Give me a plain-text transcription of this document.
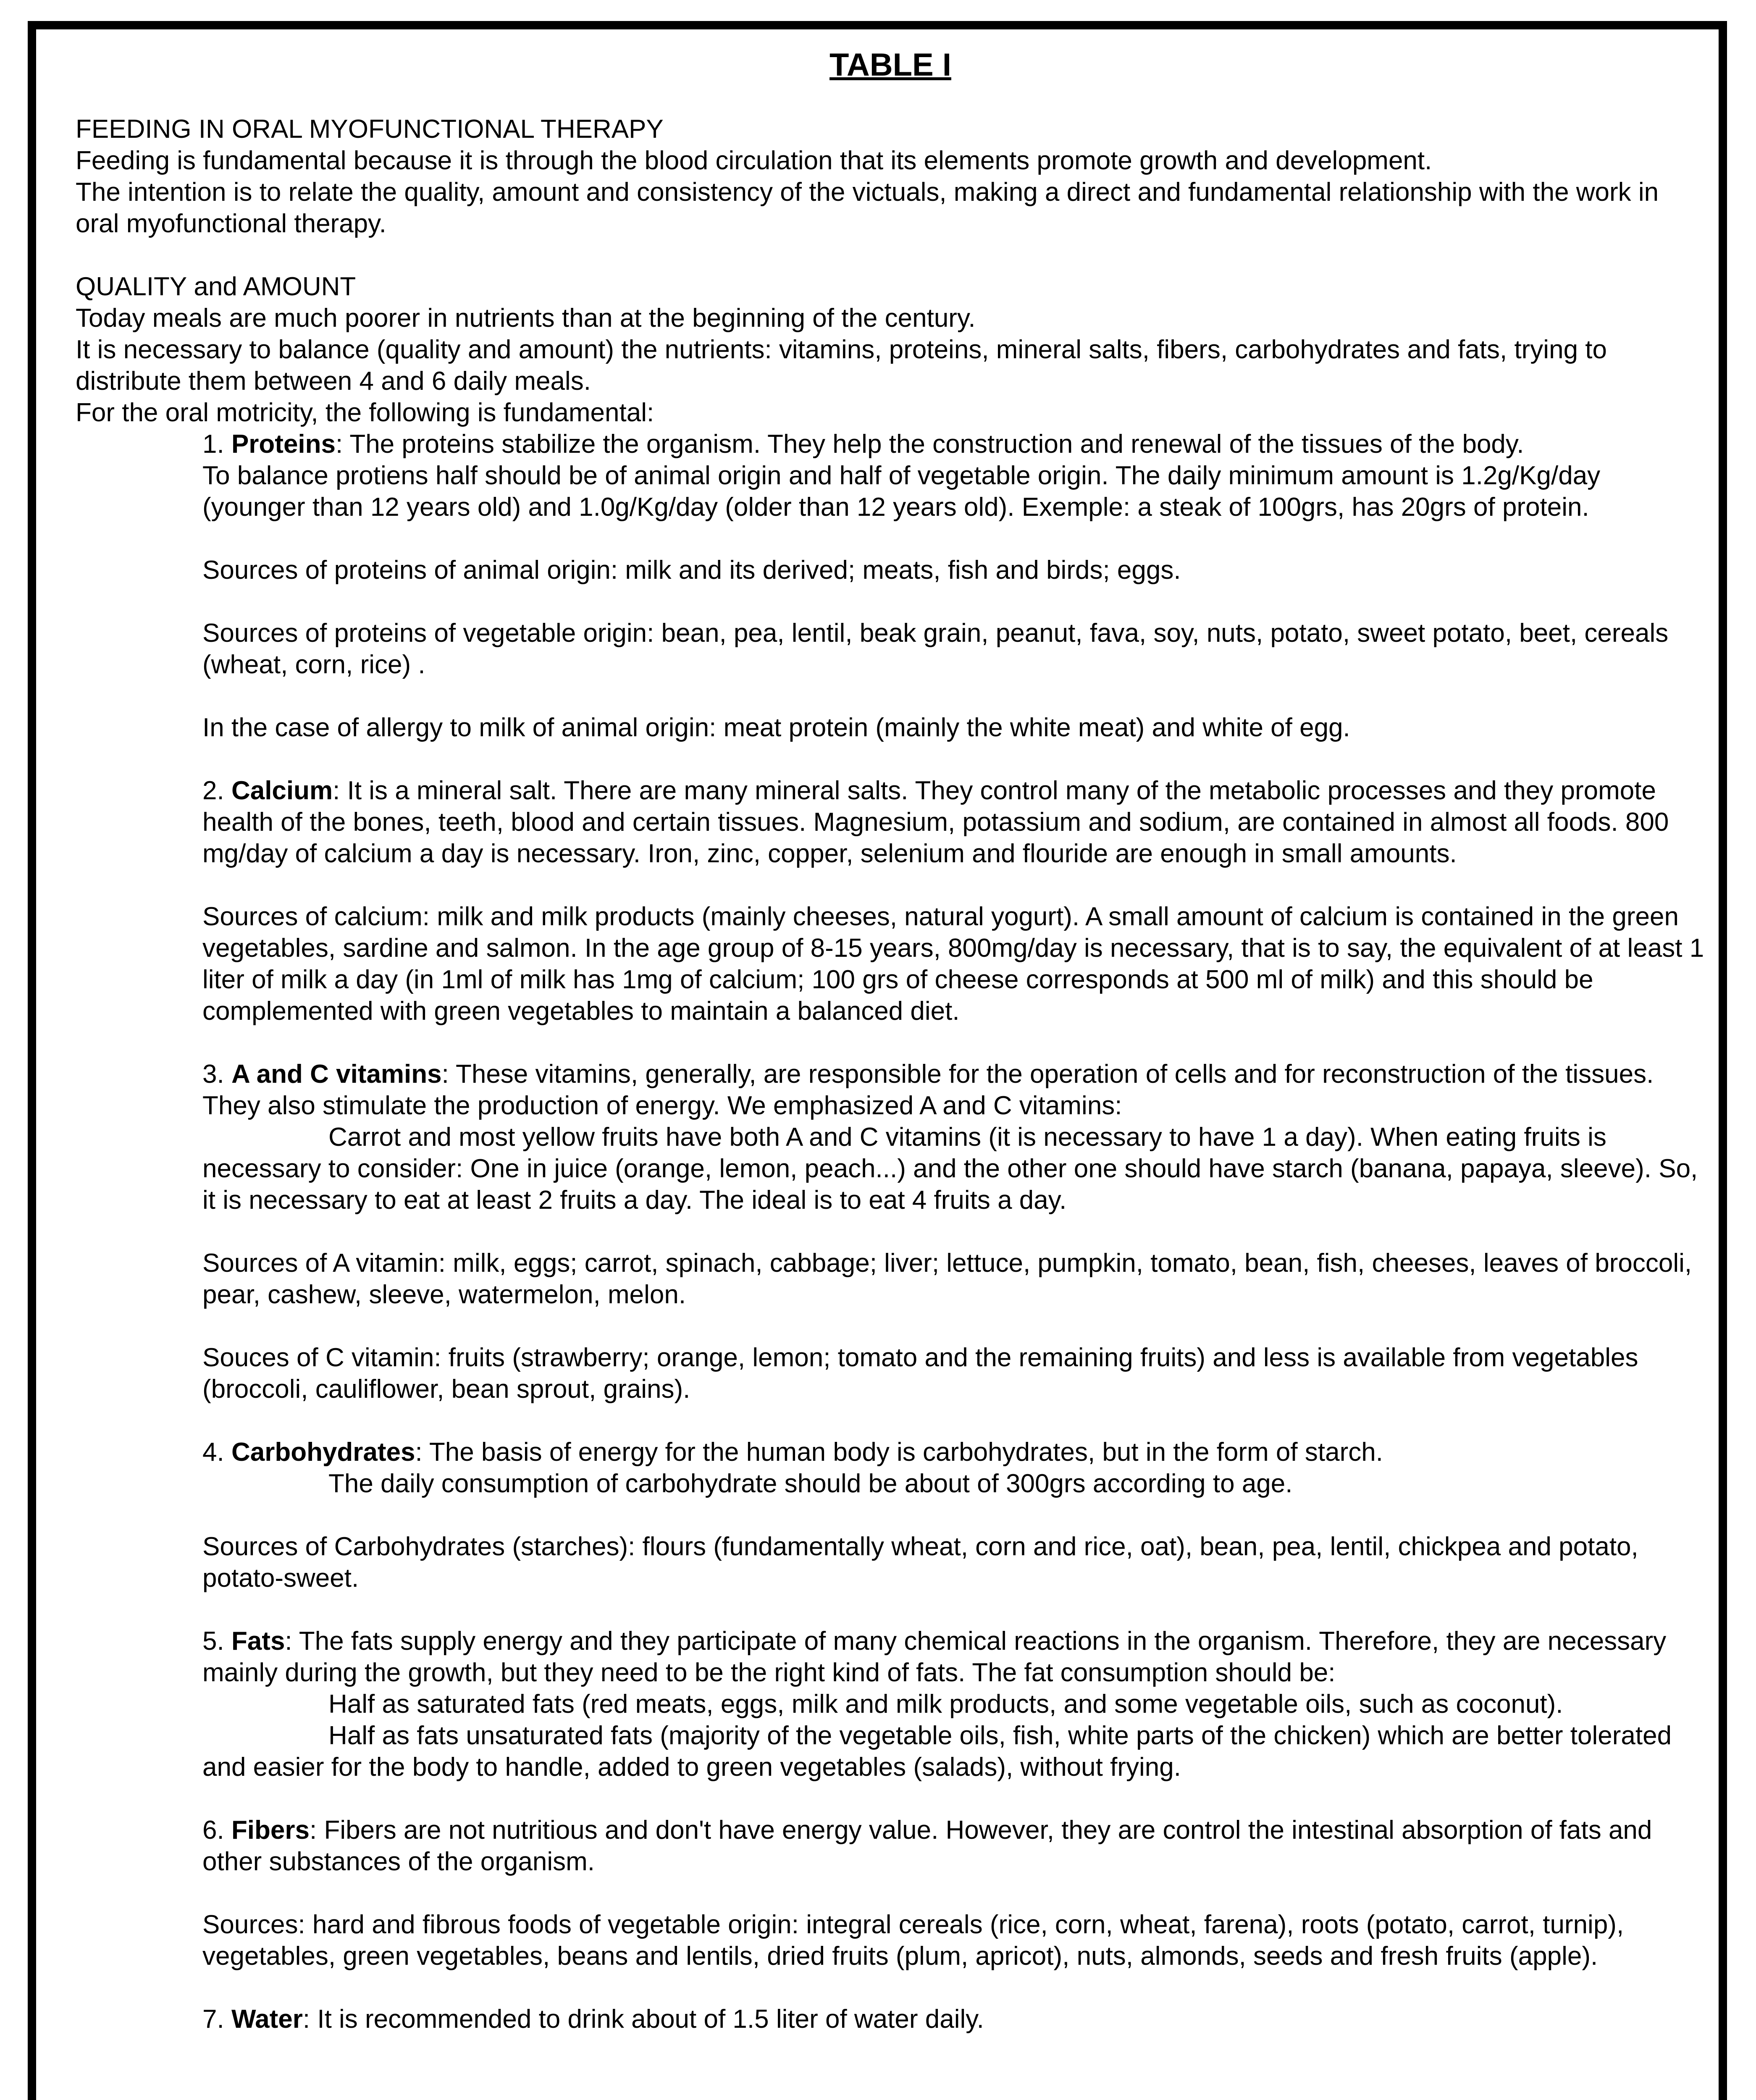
TABLE I

FEEDING IN ORAL MYOFUNCTIONAL THERAPY

Feeding is fundamental because it is through the blood circulation that its elements promote growth and development.

The intention is to relate the quality, amount and consistency of the victuals, making a direct and fundamental relationship with the work in oral myofunctional therapy.

QUALITY and AMOUNT

Today meals are much poorer in nutrients than at the beginning of the century.

It is necessary to balance (quality and amount) the nutrients: vitamins, proteins, mineral salts, fibers, carbohydrates and fats, trying to distribute them between 4 and 6 daily meals.

For the oral motricity, the following is fundamental:

1. Proteins: The proteins stabilize the organism. They help the construction and renewal of the tissues of the body.

To balance protiens half should be of animal origin and half of vegetable origin. The daily minimum amount is 1.2g/Kg/day (younger than 12 years old) and 1.0g/Kg/day (older than 12 years old). Exemple: a steak of 100grs, has 20grs of protein.

Sources of proteins of animal origin: milk and its derived; meats, fish and birds; eggs.

Sources of proteins of vegetable origin: bean, pea, lentil, beak grain, peanut, fava, soy, nuts, potato, sweet potato, beet, cereals (wheat, corn, rice) .

In the case of allergy to milk of animal origin: meat protein (mainly the white meat) and white of egg.

2. Calcium: It is a mineral salt. There are many mineral salts. They control many of the metabolic processes and they promote health of the bones, teeth, blood and certain tissues. Magnesium, potassium and sodium, are contained in almost all foods. 800 mg/day of calcium a day is necessary. Iron, zinc, copper, selenium and flouride are enough in small amounts.

Sources of calcium: milk and milk products (mainly cheeses, natural yogurt). A small amount of calcium is contained in the green vegetables, sardine and salmon. In the age group of 8-15 years, 800mg/day is necessary, that is to say, the equivalent of at least 1 liter of milk a day (in 1ml of milk has 1mg of calcium; 100 grs of cheese corresponds at 500 ml of milk) and this should be complemented with green vegetables to maintain a balanced diet.

3. A and C vitamins: These vitamins, generally, are responsible for the operation of cells and for reconstruction of the tissues. They also stimulate the production of energy. We emphasized A and C vitamins:

Carrot and most yellow fruits have both A and C vitamins (it is necessary to have 1 a day). When eating fruits is necessary to consider: One in juice (orange, lemon, peach...) and the other one should have starch (banana, papaya, sleeve). So, it is necessary to eat at least 2 fruits a day. The ideal is to eat 4 fruits a day.

Sources of A vitamin: milk, eggs; carrot, spinach, cabbage; liver; lettuce, pumpkin, tomato, bean, fish, cheeses, leaves of broccoli, pear, cashew, sleeve, watermelon, melon.

Souces of C vitamin: fruits (strawberry; orange, lemon; tomato and the remaining fruits) and less is available from vegetables (broccoli, cauliflower, bean sprout, grains).

4. Carbohydrates: The basis of energy for the human body is carbohydrates, but in the form of starch.

The daily consumption of carbohydrate should be about of 300grs according to age.

Sources of Carbohydrates (starches): flours (fundamentally wheat, corn and rice, oat), bean, pea, lentil, chickpea and potato, potato-sweet.

5. Fats: The fats supply energy and they participate of many chemical reactions in the organism. Therefore, they are necessary mainly during the growth, but they need to be the right kind of fats. The fat consumption should be:

Half as saturated fats (red meats, eggs, milk and milk products, and some vegetable oils, such as coconut).

Half as fats unsaturated fats (majority of the vegetable oils, fish, white parts of the chicken) which are better tolerated and easier for the body to handle, added to green vegetables (salads), without frying.

6. Fibers: Fibers are not nutritious and don't have energy value. However, they are control the intestinal absorption of fats and other substances of the organism.

Sources: hard and fibrous foods of vegetable origin: integral cereals (rice, corn, wheat, farena), roots (potato, carrot, turnip), vegetables, green vegetables, beans and lentils, dried fruits (plum, apricot), nuts, almonds, seeds and fresh fruits (apple).

7. Water: It is recommended to drink about of 1.5 liter of water daily.
